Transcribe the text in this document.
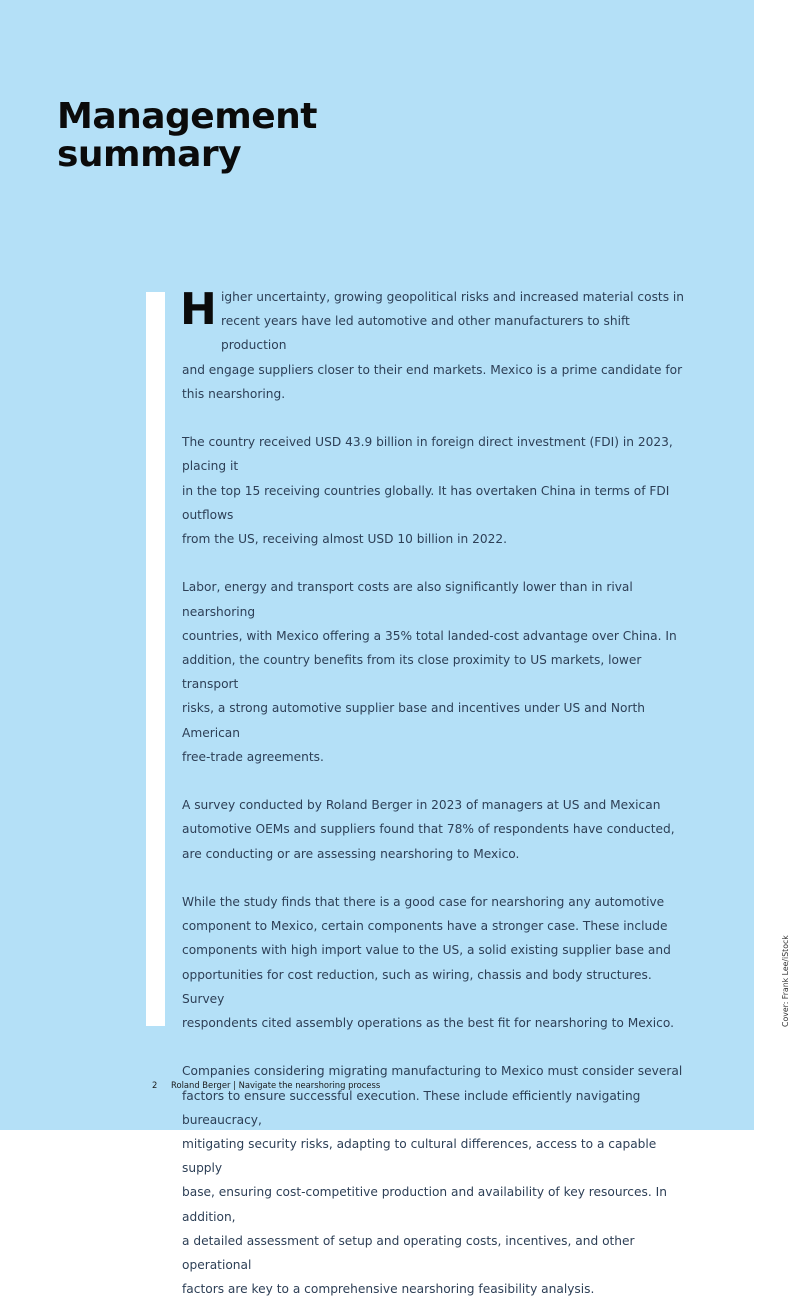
Management
summary
H igher uncertainty, growing geopolitical risks and increased material costs in
recent years have led automotive and other manufacturers to shift production
and engage suppliers closer to their end markets. Mexico is a prime candidate for
this nearshoring.
The country received USD 43.9 billion in foreign direct investment (FDI) in 2023, placing it
in the top 15 receiving countries globally. It has overtaken China in terms of FDI outflows
from the US, receiving almost USD 10 billion in 2022.
Labor, energy and transport costs are also significantly lower than in rival nearshoring
countries, with Mexico offering a 35% total landed-cost advantage over China. In
addition, the country benefits from its close proximity to US markets, lower transport
risks, a strong automotive supplier base and incentives under US and North American
free-trade agreements.
A survey conducted by Roland Berger in 2023 of managers at US and Mexican
automotive OEMs and suppliers found that 78% of respondents have conducted,
are conducting or are assessing nearshoring to Mexico.
While the study finds that there is a good case for nearshoring any automotive
component to Mexico, certain components have a stronger case. These include
components with high import value to the US, a solid existing supplier base and
opportunities for cost reduction, such as wiring, chassis and body structures. Survey
respondents cited assembly operations as the best fit for nearshoring to Mexico.
Companies considering migrating manufacturing to Mexico must consider several
factors to ensure successful execution. These include efficiently navigating bureaucracy,
mitigating security risks, adapting to cultural differences, access to a capable supply
base, ensuring cost-competitive production and availability of key resources. In addition,
a detailed assessment of setup and operating costs, incentives, and other operational
factors are key to a comprehensive nearshoring feasibility analysis.
2 Roland Berger | Navigate the nearshoring process
Cover: Frank Lee/iStock
